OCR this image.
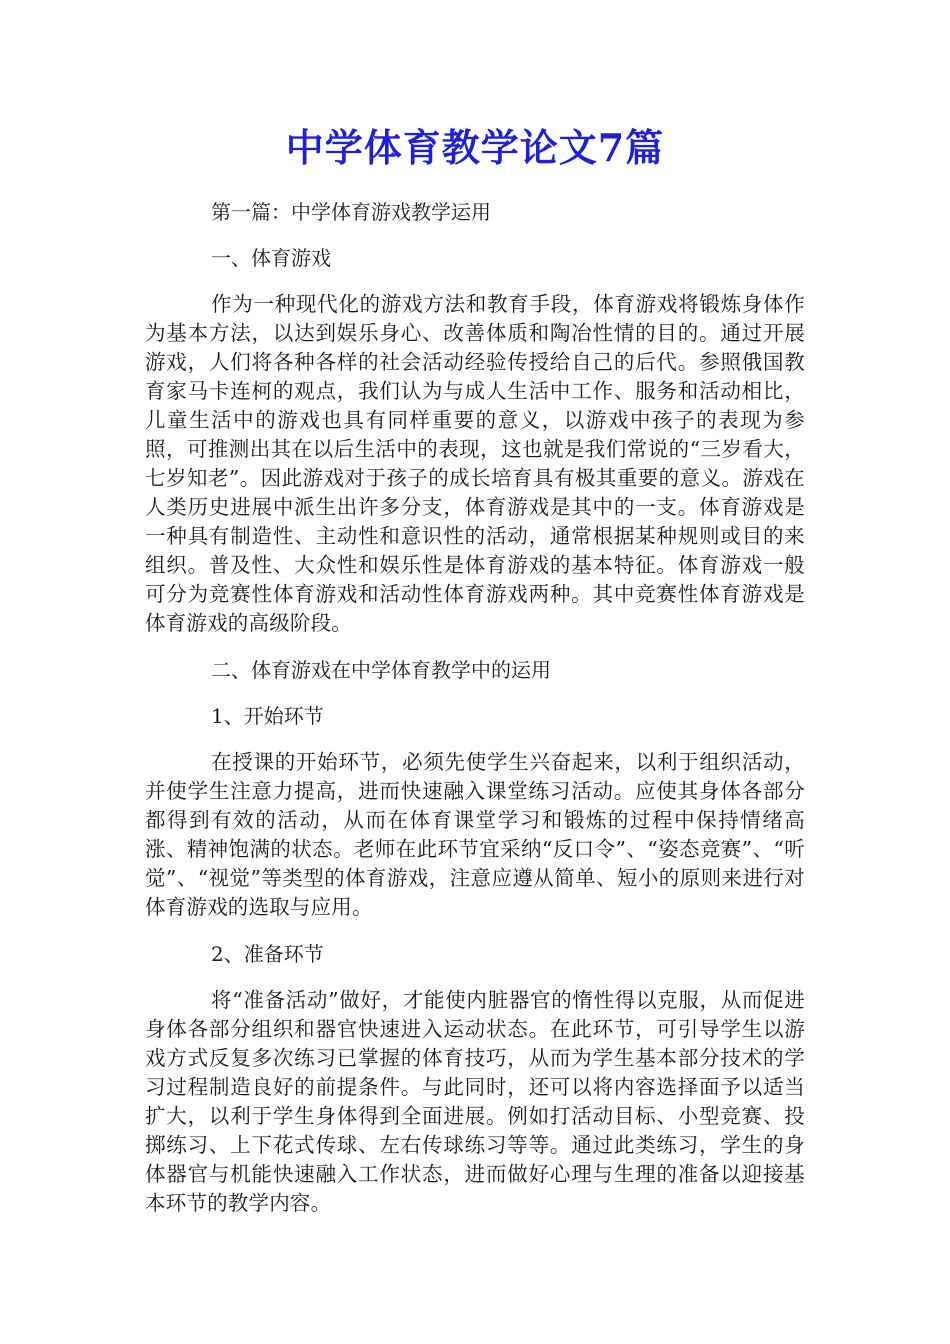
中学体育教学论文7篇
第一篇：中学体育游戏教学运用
一、体育游戏

作为一种现代化的游戏方法和教育手段，体育游戏将锻炼身体作为基本方法，以达到娱乐身心、改善体质和陶冶性情的目的。通过开展游戏，人们将各种各样的社会活动经验传授给自己的后代。参照俄国教育家马卡连柯的观点，我们认为与成人生活中工作、服务和活动相比，儿童生活中的游戏也具有同样重要的意义，以游戏中孩子的表现为参照，可推测出其在以后生活中的表现，这也就是我们常说的“三岁看大，七岁知老”。因此游戏对于孩子的成长培育具有极其重要的意义。游戏在人类历史进展中派生出许多分支，体育游戏是其中的一支。体育游戏是一种具有制造性、主动性和意识性的活动，通常根据某种规则或目的来组织。普及性、大众性和娱乐性是体育游戏的基本特征。体育游戏一般可分为竞赛性体育游戏和活动性体育游戏两种。其中竞赛性体育游戏是体育游戏的高级阶段。

二、体育游戏在中学体育教学中的运用
1、开始环节

在授课的开始环节，必须先使学生兴奋起来，以利于组织活动，并使学生注意力提高，进而快速融入课堂练习活动。应使其身体各部分都得到有效的活动，从而在体育课堂学习和锻炼的过程中保持情绪高涨、精神饱满的状态。老师在此环节宜采纳“反口令”、“姿态竞赛”、“听觉”、“视觉”等类型的体育游戏，注意应遵从简单、短小的原则来进行对体育游戏的选取与应用。

2、准备环节

将“准备活动”做好，才能使内脏器官的惰性得以克服，从而促进身体各部分组织和器官快速进入运动状态。在此环节，可引导学生以游戏方式反复多次练习已掌握的体育技巧，从而为学生基本部分技术的学习过程制造良好的前提条件。与此同时，还可以将内容选择面予以适当扩大，以利于学生身体得到全面进展。例如打活动目标、小型竞赛、投掷练习、上下花式传球、左右传球练习等等。通过此类练习，学生的身体器官与机能快速融入工作状态，进而做好心理与生理的准备以迎接基本环节的教学内容。
